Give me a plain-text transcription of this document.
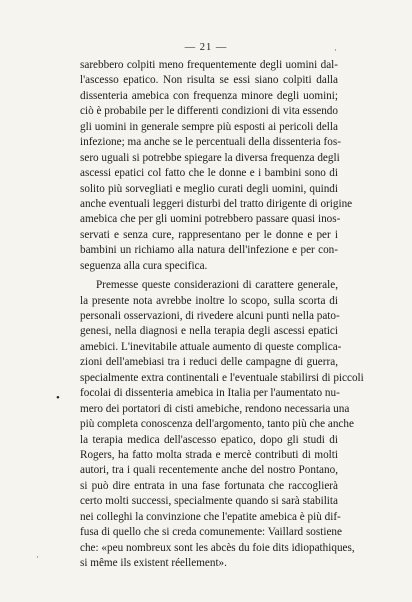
— 21 —
sarebbero colpiti meno frequentemente degli uomini dal-
l'ascesso epatico. Non risulta se essi siano colpiti dalla
dissenteria amebica con frequenza minore degli uomini;
ciò è probabile per le differenti condizioni di vita essendo
gli uomini in generale sempre più esposti ai pericoli della
infezione; ma anche se le percentuali della dissenteria fos-
sero uguali si potrebbe spiegare la diversa frequenza degli
ascessi epatici col fatto che le donne e i bambini sono di
solito più sorvegliati e meglio curati degli uomini, quindi
anche eventuali leggeri disturbi del tratto dirigente di origine
amebica che per gli uomini potrebbero passare quasi inos-
servati e senza cure, rappresentano per le donne e per i
bambini un richiamo alla natura dell'infezione e per con-
seguenza alla cura specifica.
Premesse queste considerazioni di carattere generale,
la presente nota avrebbe inoltre lo scopo, sulla scorta di
personali osservazioni, di rivedere alcuni punti nella pato-
genesi, nella diagnosi e nella terapia degli ascessi epatici
amebici. L'inevitabile attuale aumento di queste complica-
zioni dell'amebiasi tra i reduci delle campagne di guerra,
specialmente extra continentali e l'eventuale stabilirsi di piccoli
focolai di dissenteria amebica in Italia per l'aumentato nu-
mero dei portatori di cisti amebiche, rendono necessaria una
più completa conoscenza dell'argomento, tanto più che anche
la terapia medica dell'ascesso epatico, dopo gli studi di
Rogers, ha fatto molta strada e mercè contributi di molti
autori, tra i quali recentemente anche del nostro Pontano,
si può dire entrata in una fase fortunata che raccoglierà
certo molti successi, specialmente quando si sarà stabilita
nei colleghi la convinzione che l'epatite amebica è più dif-
fusa di quello che si creda comunemente: Vaillard sostiene
che: «peu nombreux sont les abcès du foie dits idiopathiques,
si même ils existent réellement».
·
•
·
